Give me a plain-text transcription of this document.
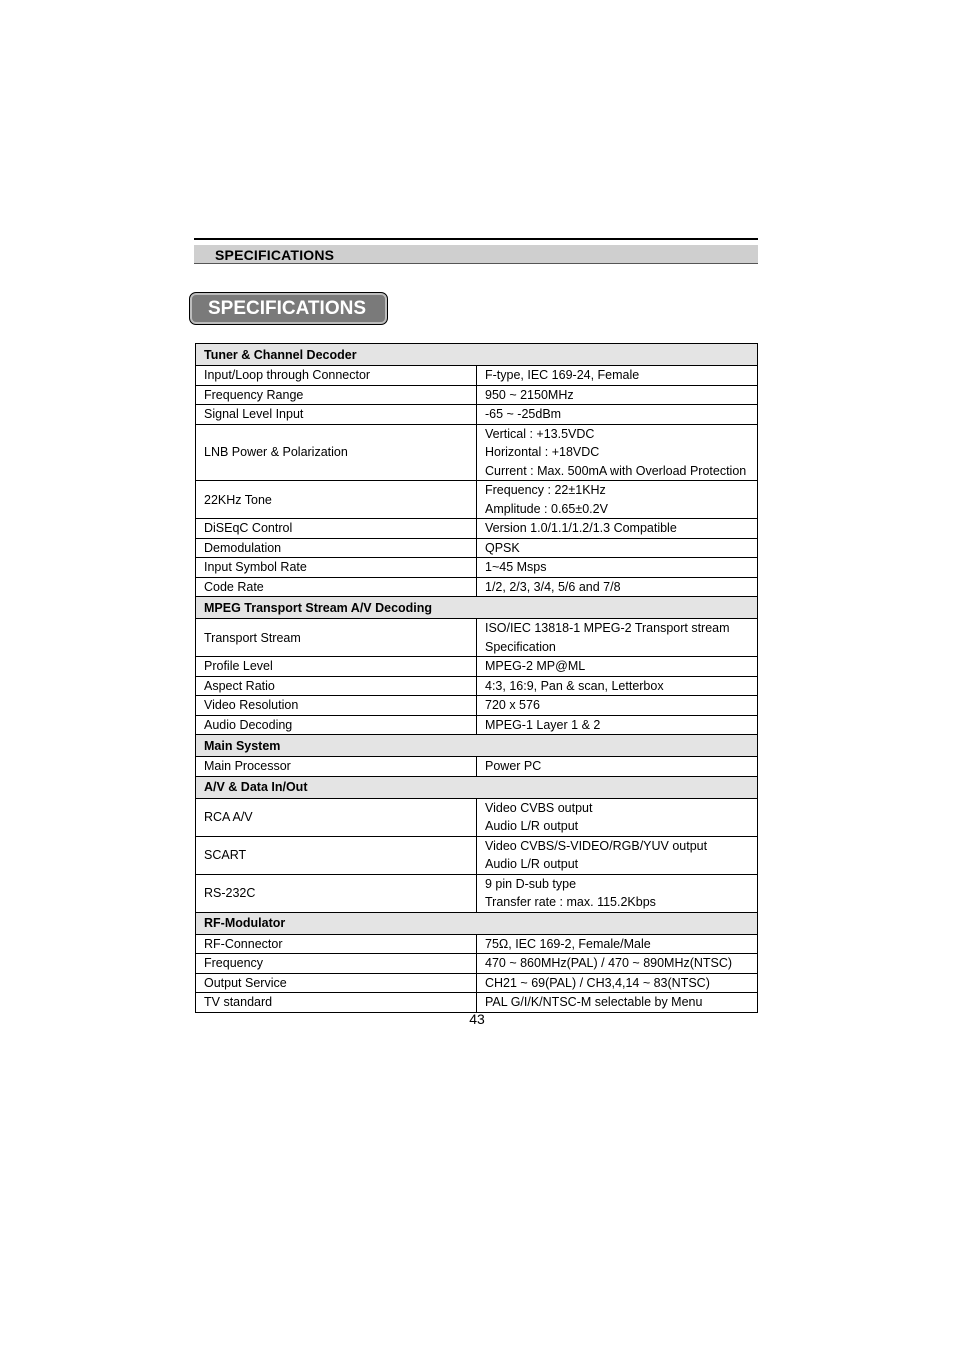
SPECIFICATIONS
SPECIFICATIONS
Tuner & Channel Decoder	
Input/Loop through Connector	F-type, IEC 169-24, Female

Frequency Range	950 ~ 2150MHz

Signal Level Input	-65 ~ -25dBm

LNB Power & Polarization	Vertical : +13.5VDC
Horizontal : +18VDC
Current : Max. 500mA with Overload Protection

22KHz Tone	Frequency : 22±1KHz
Amplitude : 0.65±0.2V

DiSEqC Control	Version 1.0/1.1/1.2/1.3 Compatible

Demodulation	QPSK

Input Symbol Rate	1~45 Msps

Code Rate	1/2, 2/3, 3/4, 5/6 and 7/8

MPEG Transport Stream A/V Decoding	
Transport Stream	ISO/IEC 13818-1 MPEG-2 Transport stream Specification

Profile Level	MPEG-2 MP@ML

Aspect Ratio	4:3, 16:9, Pan & scan, Letterbox

Video Resolution	720 x 576

Audio Decoding	MPEG-1 Layer 1 & 2

Main System	
Main Processor	Power PC

A/V & Data In/Out	
RCA A/V	Video CVBS output
Audio L/R output

SCART	Video CVBS/S-VIDEO/RGB/YUV output
Audio L/R output

RS-232C	9 pin D-sub type
Transfer rate : max. 115.2Kbps

RF-Modulator	
RF-Connector	75Ω, IEC 169-2, Female/Male

Frequency	470 ~ 860MHz(PAL) / 470 ~ 890MHz(NTSC)

Output Service	CH21 ~ 69(PAL) / CH3,4,14 ~ 83(NTSC)

TV standard	PAL G/I/K/NTSC-M selectable by Menu
43
